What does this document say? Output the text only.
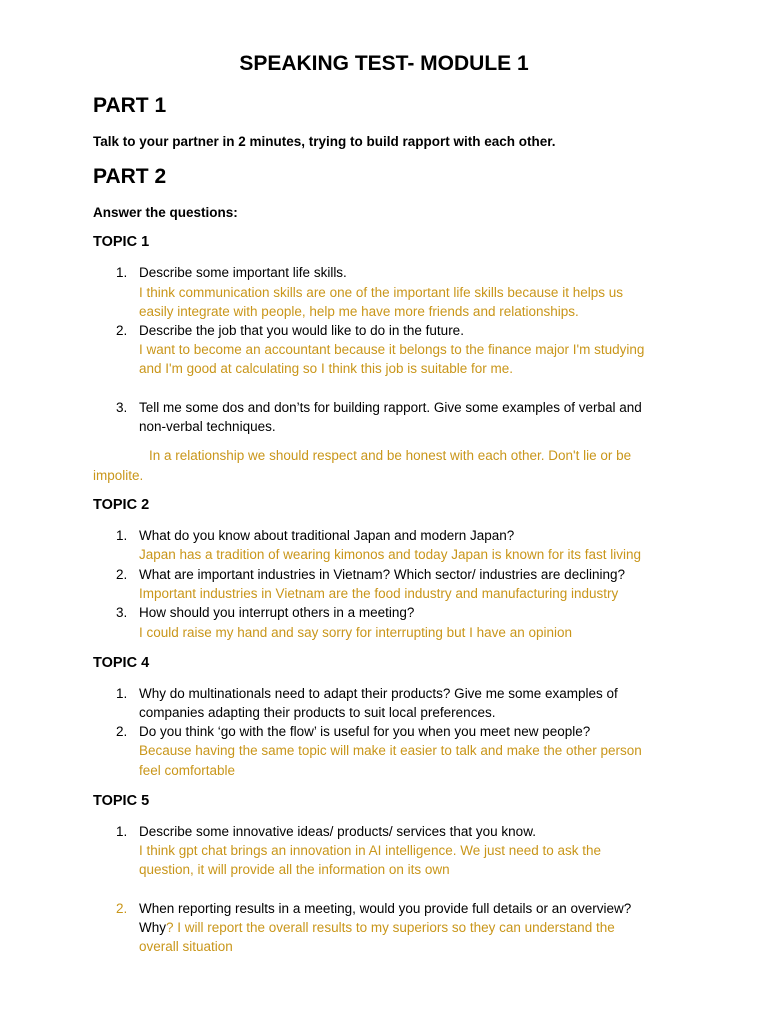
SPEAKING TEST- MODULE 1
PART 1
Talk to your partner in 2 minutes, trying to build rapport with each other.
PART 2
Answer the questions:
TOPIC 1
1. Describe some important life skills.
I think communication skills are one of the important life skills because it helps us
easily integrate with people, help me have more friends and relationships.
2. Describe the job that you would like to do in the future.
I want to become an accountant because it belongs to the finance major I'm studying
and I'm good at calculating so I think this job is suitable for me.
3. Tell me some dos and don’ts for building rapport. Give some examples of verbal and
non-verbal techniques.
In a relationship we should respect and be honest with each other. Don't lie or be
impolite.
TOPIC 2
1. What do you know about traditional Japan and modern Japan?
Japan has a tradition of wearing kimonos and today Japan is known for its fast living
2. What are important industries in Vietnam? Which sector/ industries are declining?
Important industries in Vietnam are the food industry and manufacturing industry
3. How should you interrupt others in a meeting?
I could raise my hand and say sorry for interrupting but I have an opinion
TOPIC 4
1. Why do multinationals need to adapt their products? Give me some examples of
companies adapting their products to suit local preferences.
2. Do you think ‘go with the flow’ is useful for you when you meet new people?
Because having the same topic will make it easier to talk and make the other person
feel comfortable
TOPIC 5
1. Describe some innovative ideas/ products/ services that you know.
I think gpt chat brings an innovation in AI intelligence. We just need to ask the
question, it will provide all the information on its own
2. When reporting results in a meeting, would you provide full details or an overview?
Why? I will report the overall results to my superiors so they can understand the
overall situation
